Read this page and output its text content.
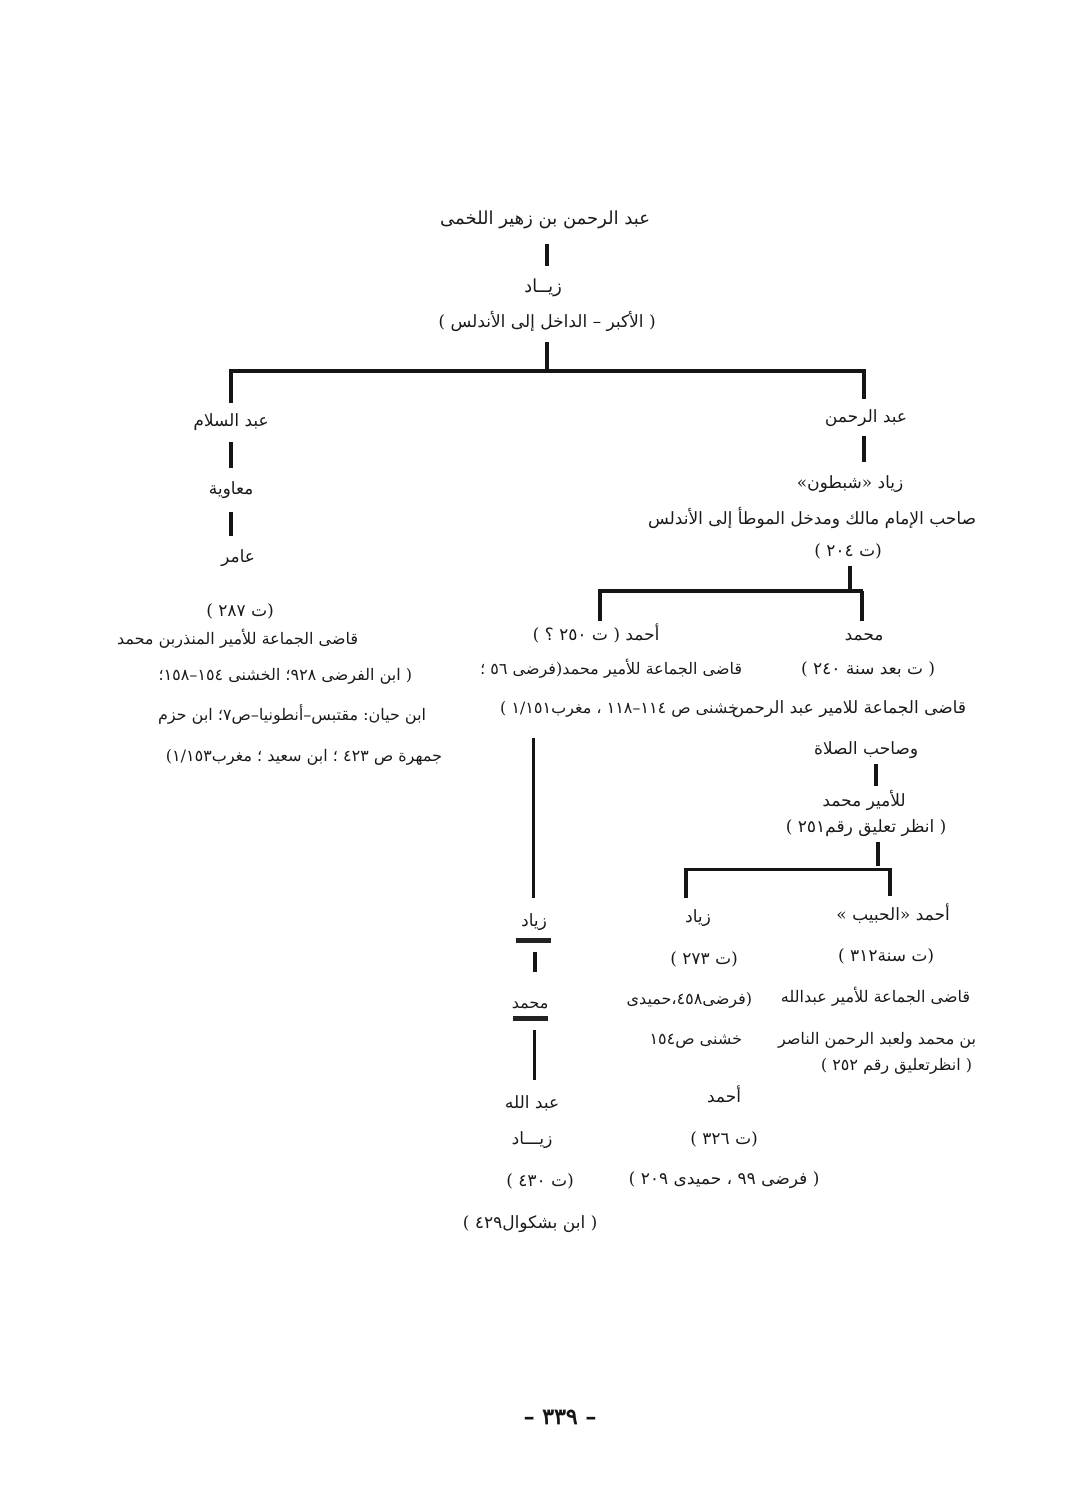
عبد الرحمن بن زهير اللخمى
زيــاد
( الأكبر – الداخل إلى الأندلس )
عبد السلام
معاوية
عامر
(ت ٢٨٧ )
قاضى الجماعة للأمير المنذربن محمد
( ابن الفرضى ٩٢٨؛ الخشنى ١٥٤–١٥٨؛
ابن حيان: مقتبس–أنطونيا–ص٧؛ ابن حزم
جمهرة ص ٤٢٣ ؛ ابن سعيد ؛ مغرب١/١٥٣)
عبد الرحمن
زياد «شبطون»
صاحب الإمام مالك ومدخل الموطأ إلى الأندلس
(ت ٢٠٤ )
محمد
( ت بعد سنة ٢٤٠ )
قاضى الجماعة للامير عبد الرحمن
وصاحب الصلاة
للأمير محمد
( انظر تعليق رقم٢٥١ )
أحمد ( ت ٢٥٠ ؟ )
قاضى الجماعة للأمير محمد(فرضى ٥٦ ؛
خشنى ص ١١٤–١١٨ ، مغرب١/١٥١ )
أحمد «الحبيب »
(ت سنة٣١٢ )
قاضى الجماعة للأمير عبدالله
بن محمد ولعبد الرحمن الناصر
( انظرتعليق رقم ٢٥٢ )
زياد
(ت ٢٧٣ )
(فرضى٤٥٨،حميدى
خشنى ص١٥٤
أحمد
(ت ٣٢٦ )
( فرضى ٩٩ ، حميدى ٢٠٩ )
زياد
محمد
عبد الله
زيـــاد
(ت ٤٣٠ )
( ابن بشكوال٤٢٩ )
– ٣٣٩ –
